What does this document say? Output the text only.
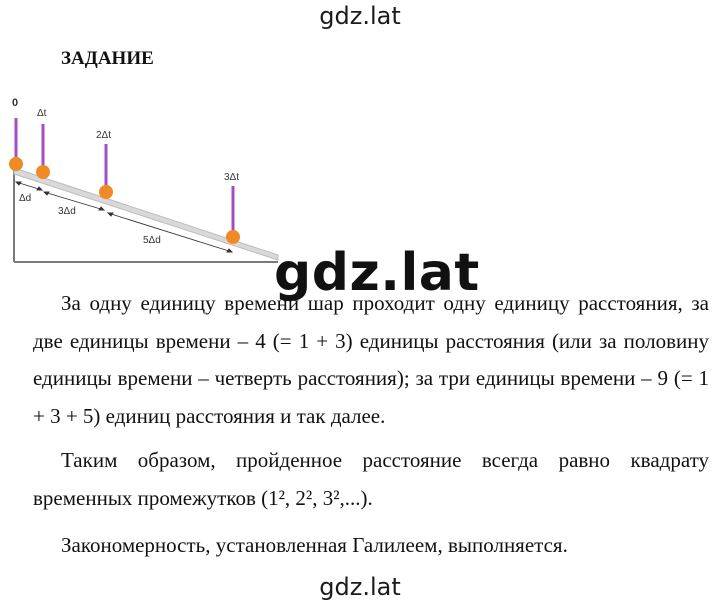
gdz.lat
ЗАДАНИЕ
0
Δt
2Δt
3Δt
Δd
3Δd
5Δd
gdz.lat

За одну единицу времени шар проходит одну единицу расстояния, за две единицы времени – 4 (= 1 + 3) единицы расстояния (или за половину единицы времени – четверть расстояния); за три единицы времени – 9 (= 1 + 3 + 5) единиц расстояния и так далее.

Таким образом, пройденное расстояние всегда равно квадрату временных промежутков (1², 2², 3²,...).

Закономерность, установленная Галилеем, выполняется.

gdz.lat
